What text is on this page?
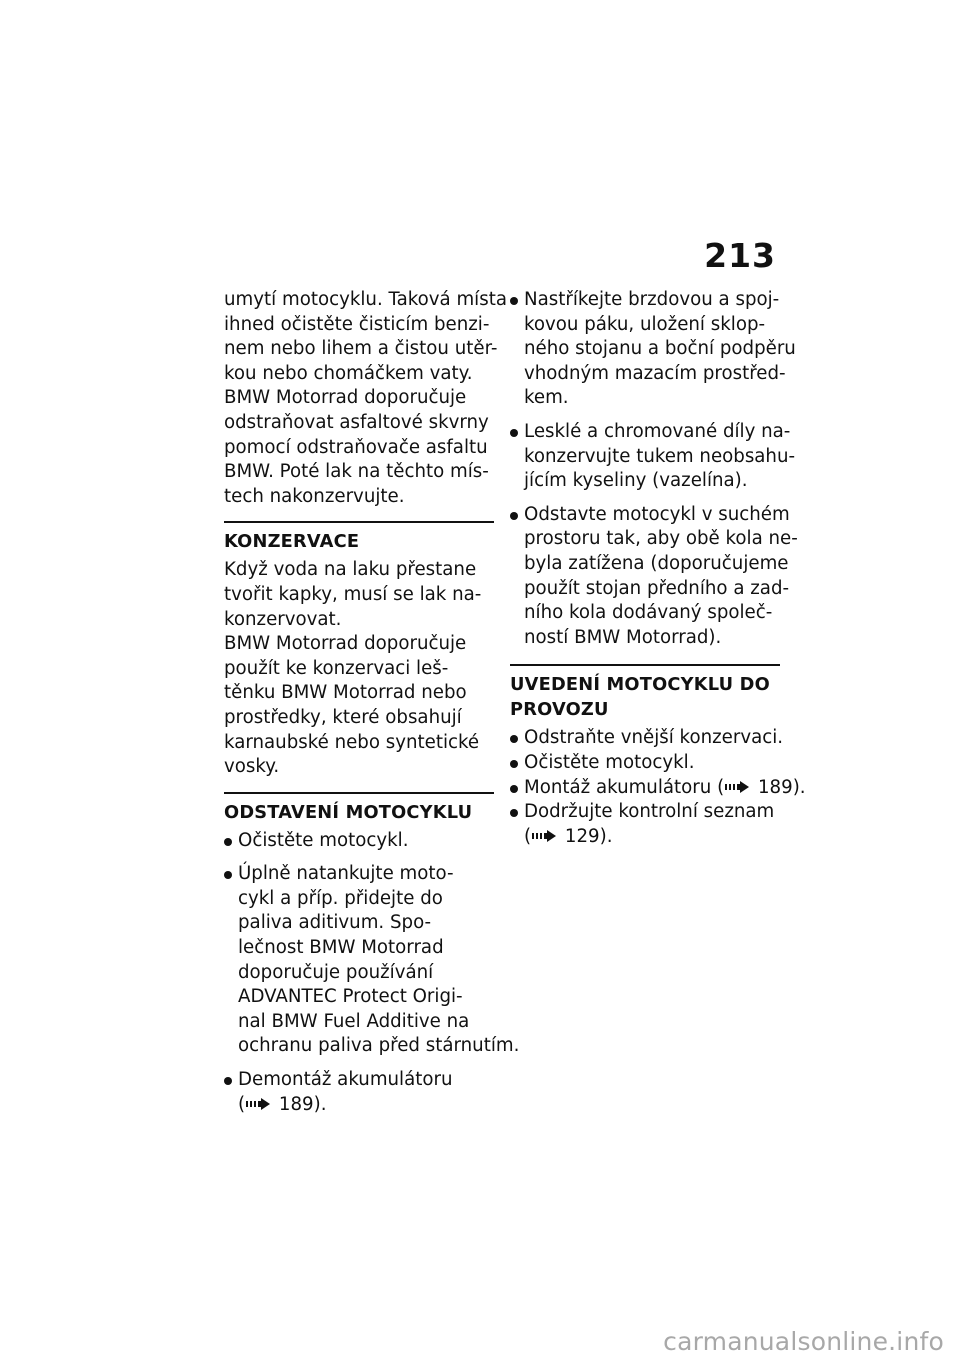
213

umytí motocyklu. Taková místa

ihned očistěte čisticím benzi-

nem nebo lihem a čistou utěr-

kou nebo chomáčkem vaty.

BMW Motorrad doporučuje

odstraňovat asfaltové skvrny

pomocí odstraňovače asfaltu

BMW. Poté lak na těchto mís-

tech nakonzervujte.

KONZERVACE

Když voda na laku přestane

tvořit kapky, musí se lak na-

konzervovat.

BMW Motorrad doporučuje

použít ke konzervaci leš-

těnku BMW Motorrad nebo

prostředky, které obsahují

karnaubské nebo syntetické

vosky.

ODSTAVENÍ MOTOCYKLU
Očistěte motocykl.
Úplně natankujte moto-
cykl a příp. přidejte do
paliva aditivum. Spo-
lečnost BMW Motorrad
doporučuje používání
ADVANTEC Protect Origi-
nal BMW Fuel Additive na
ochranu paliva před stárnutím.
Demontáž akumulátoru
( 189).
Nastříkejte brzdovou a spoj-
kovou páku, uložení sklop-
ného stojanu a boční podpěru
vhodným mazacím prostřed-
kem.
Lesklé a chromované díly na-
konzervujte tukem neobsahu-
jícím kyseliny (vazelína).
Odstavte motocykl v suchém
prostoru tak, aby obě kola ne-
byla zatížena (doporučujeme
použít stojan předního a zad-
ního kola dodávaný společ-
ností BMW Motorrad).
UVEDENÍ MOTOCYKLU DO
PROVOZU
Odstraňte vnější konzervaci.
Očistěte motocykl.
Montáž akumulátoru ( 189).
Dodržujte kontrolní seznam
( 129).
carmanualsonline.info
